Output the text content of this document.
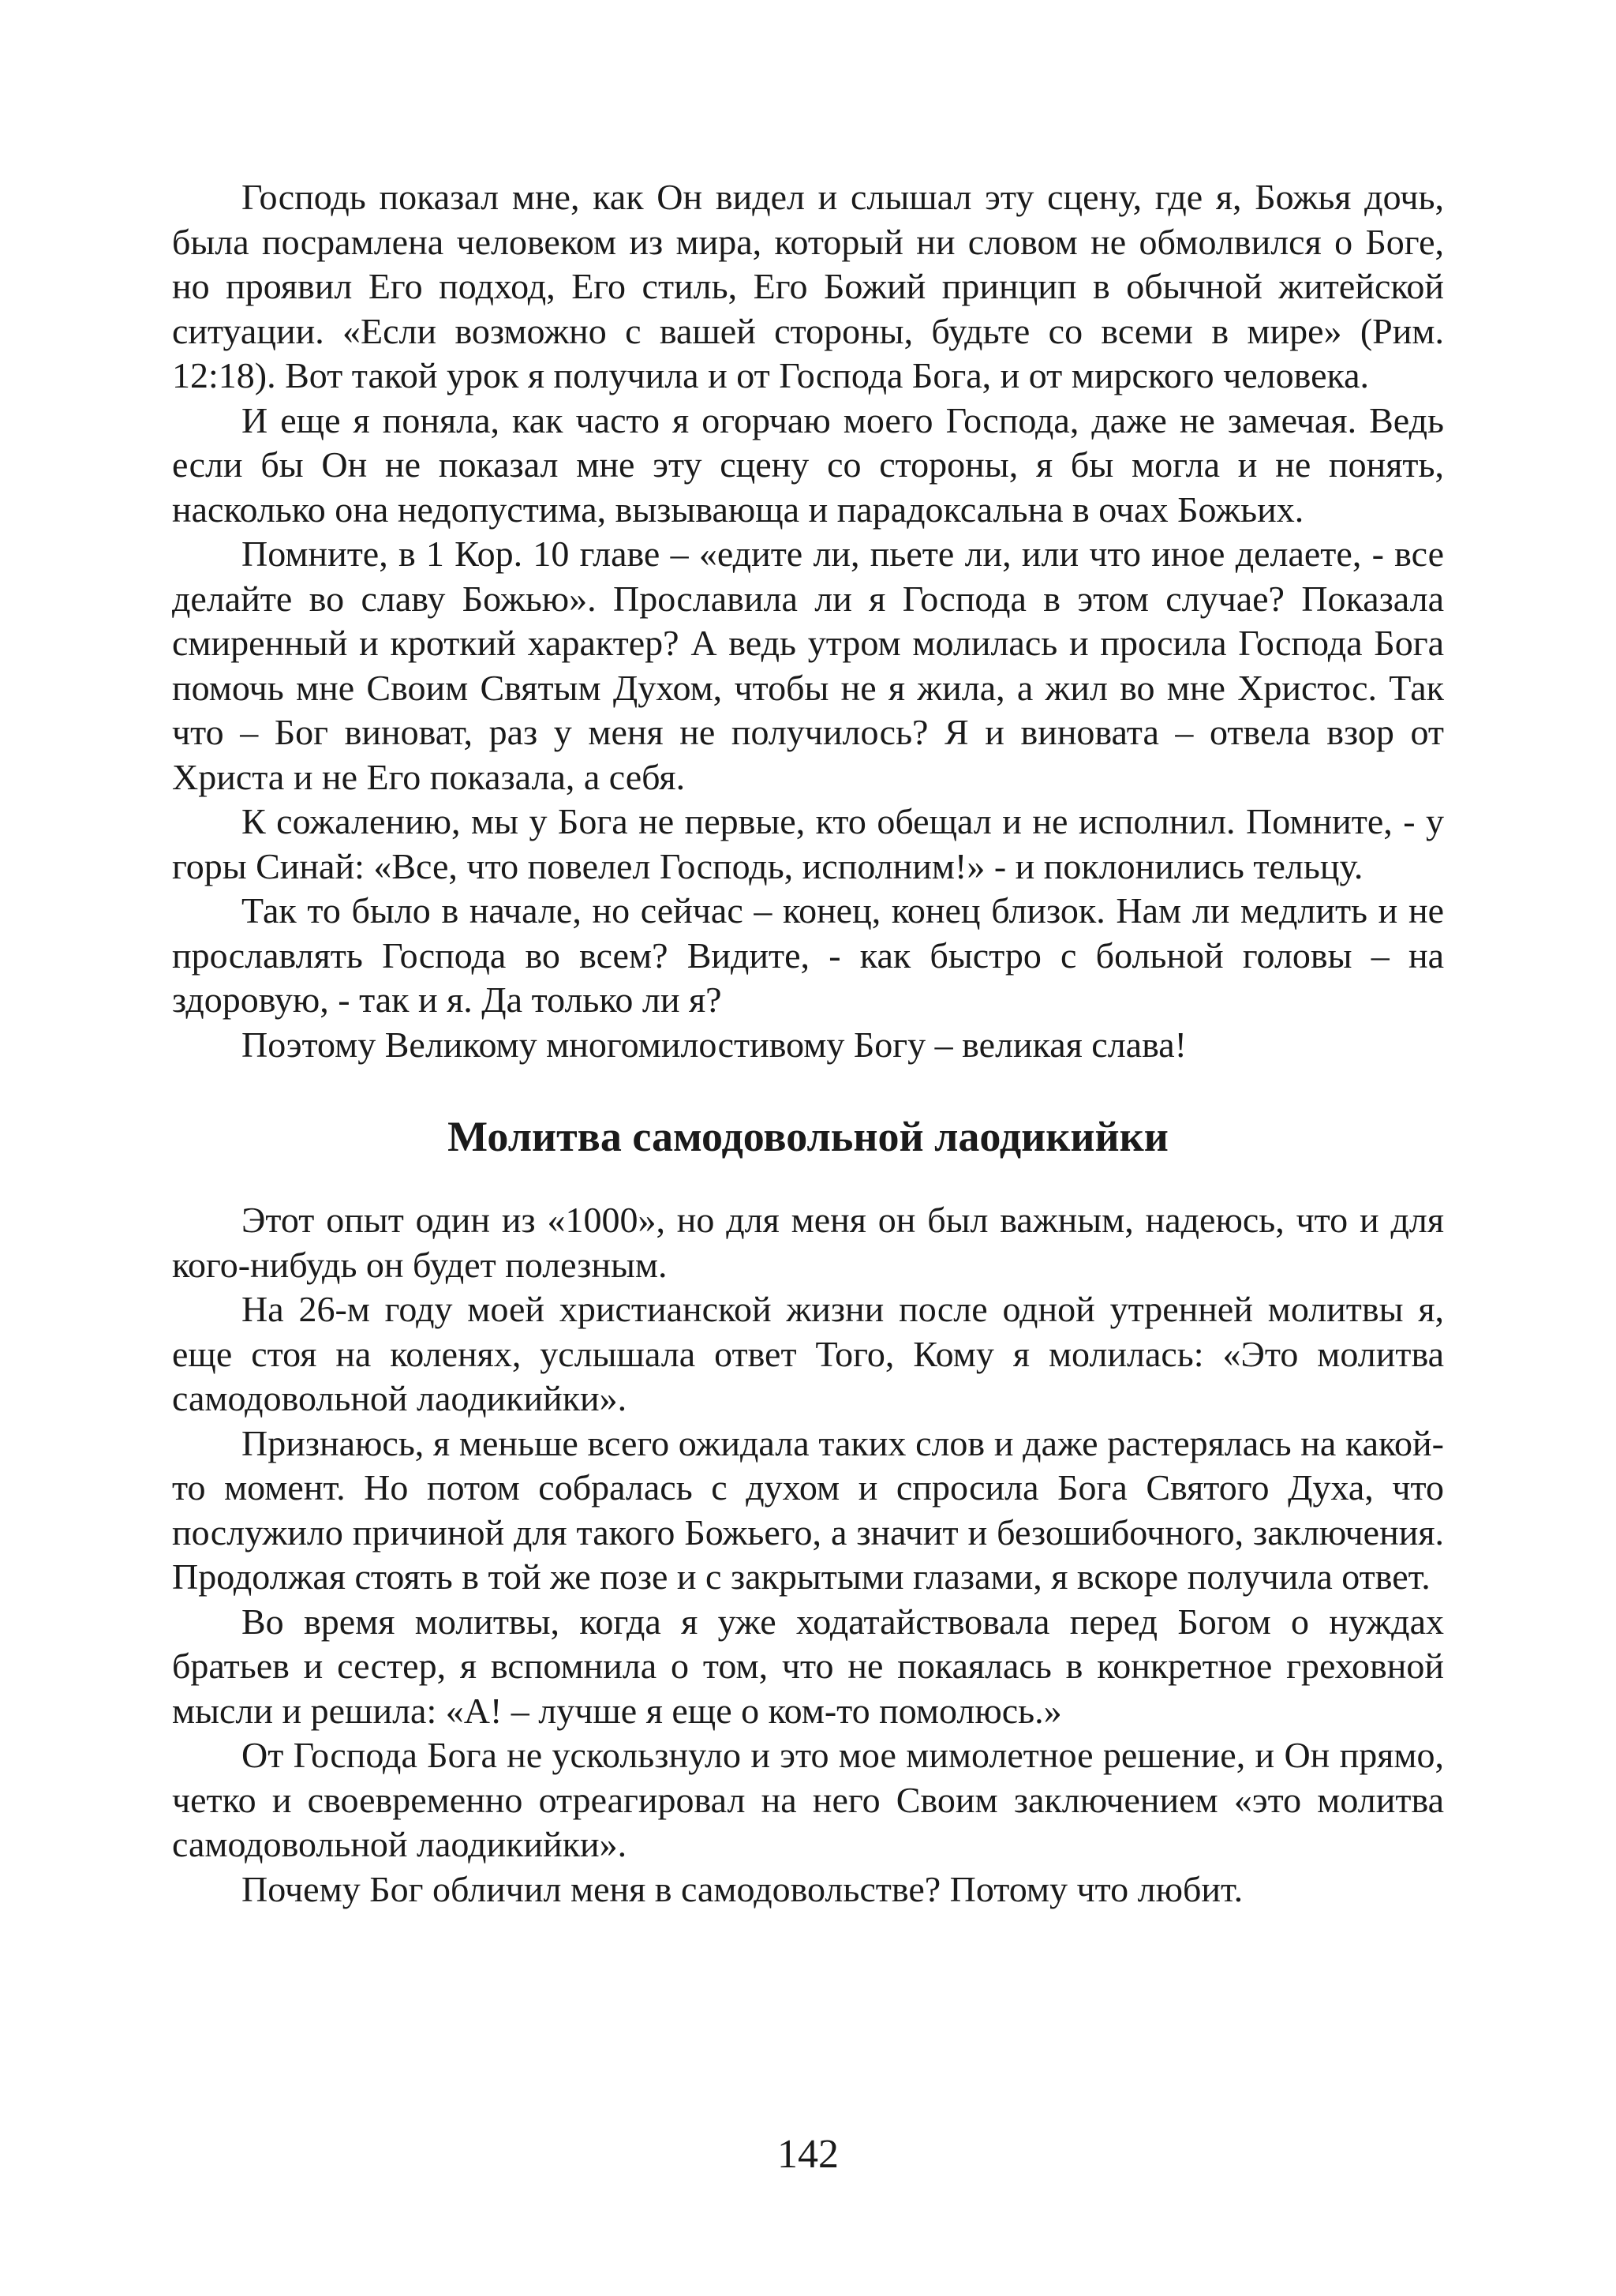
Господь показал мне, как Он видел и слышал эту сцену, где я, Божья дочь, была посрамлена человеком из мира, который ни словом не обмолвился о Боге, но проявил Его подход, Его стиль, Его Божий принцип в обычной житейской ситуации. «Если возможно с вашей стороны, будьте со всеми в мире» (Рим. 12:18). Вот такой урок я получила и от Господа Бога, и от мирского человека.

И еще я поняла, как часто я огорчаю моего Господа, даже не замечая. Ведь если бы Он не показал мне эту сцену со стороны, я бы могла и не понять, насколько она недопустима, вызывающа и парадоксальна в очах Божьих.

Помните, в 1 Кор. 10 главе – «едите ли, пьете ли, или что иное делаете, - все делайте во славу Божью». Прославила ли я Господа в этом случае? Показала смиренный и кроткий характер? А ведь утром молилась и просила Господа Бога помочь мне Своим Святым Духом, чтобы не я жила, а жил во мне Христос. Так что – Бог виноват, раз у меня не получилось? Я и виновата – отвела взор от Христа и не Его показала, а себя.

К сожалению, мы у Бога не первые, кто обещал и не исполнил. Помните, - у горы Синай: «Все, что повелел Господь, исполним!» - и поклонились тельцу.

Так то было в начале, но сейчас – конец, конец близок. Нам ли медлить и не прославлять Господа во всем? Видите, - как быстро с больной головы – на здоровую, - так и я. Да только ли я?

Поэтому Великому многомилостивому Богу – великая слава!

Молитва самодовольной лаодикийки

Этот опыт один из «1000», но для меня он был важным, надеюсь, что и для кого-нибудь он будет полезным.

На 26-м году моей христианской жизни после одной утренней молитвы я, еще стоя на коленях, услышала ответ Того, Кому я молилась: «Это молитва самодовольной лаодикийки».

Признаюсь, я меньше всего ожидала таких слов и даже растерялась на какой-то момент. Но потом собралась с духом и спросила Бога Святого Духа, что послужило причиной для такого Божьего, а значит и безошибочного, заключения. Продолжая стоять в той же позе и с закрытыми глазами, я вскоре получила ответ.

Во время молитвы, когда я уже ходатайствовала перед Богом о нуждах братьев и сестер, я вспомнила о том, что не покаялась в конкретное греховной мысли и решила: «А! – лучше я еще о ком-то помолюсь.»

От Господа Бога не ускользнуло и это мое мимолетное решение, и Он прямо, четко и своевременно отреагировал на него Своим заключением «это молитва самодовольной лаодикийки».

Почему Бог обличил меня в самодовольстве? Потому что любит.

142
